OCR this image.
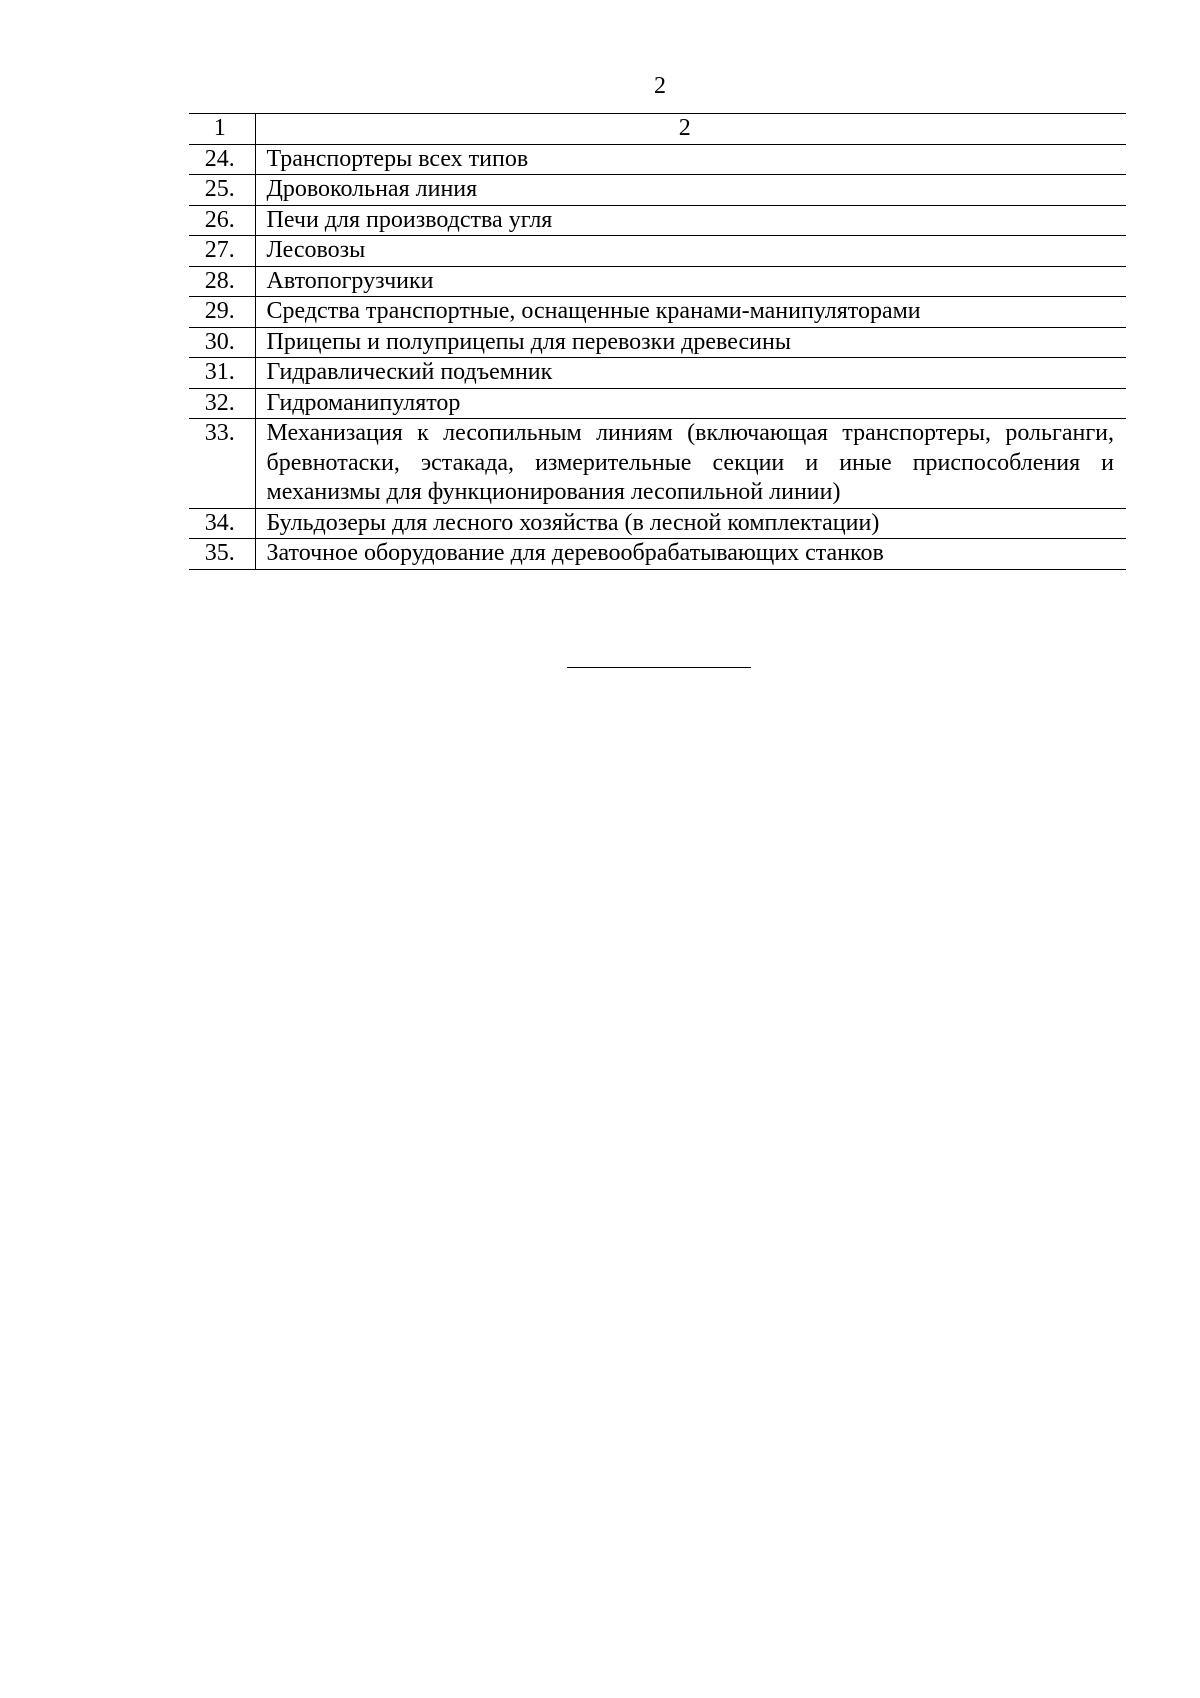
2
1	2
24.	Транспортеры всех типов
25.	Дровокольная линия
26.	Печи для производства угля
27.	Лесовозы
28.	Автопогрузчики
29.	Средства транспортные, оснащенные кранами-манипуляторами
30.	Прицепы и полуприцепы для перевозки древесины
31.	Гидравлический подъемник
32.	Гидроманипулятор
33.	Механизация к лесопильным линиям (включающая транспортеры, рольганги, бревнотаски, эстакада, измерительные секции и иные приспособления и механизмы для функционирования лесопильной линии)
34.	Бульдозеры для лесного хозяйства (в лесной комплектации)
35.	Заточное оборудование для деревообрабатывающих станков
